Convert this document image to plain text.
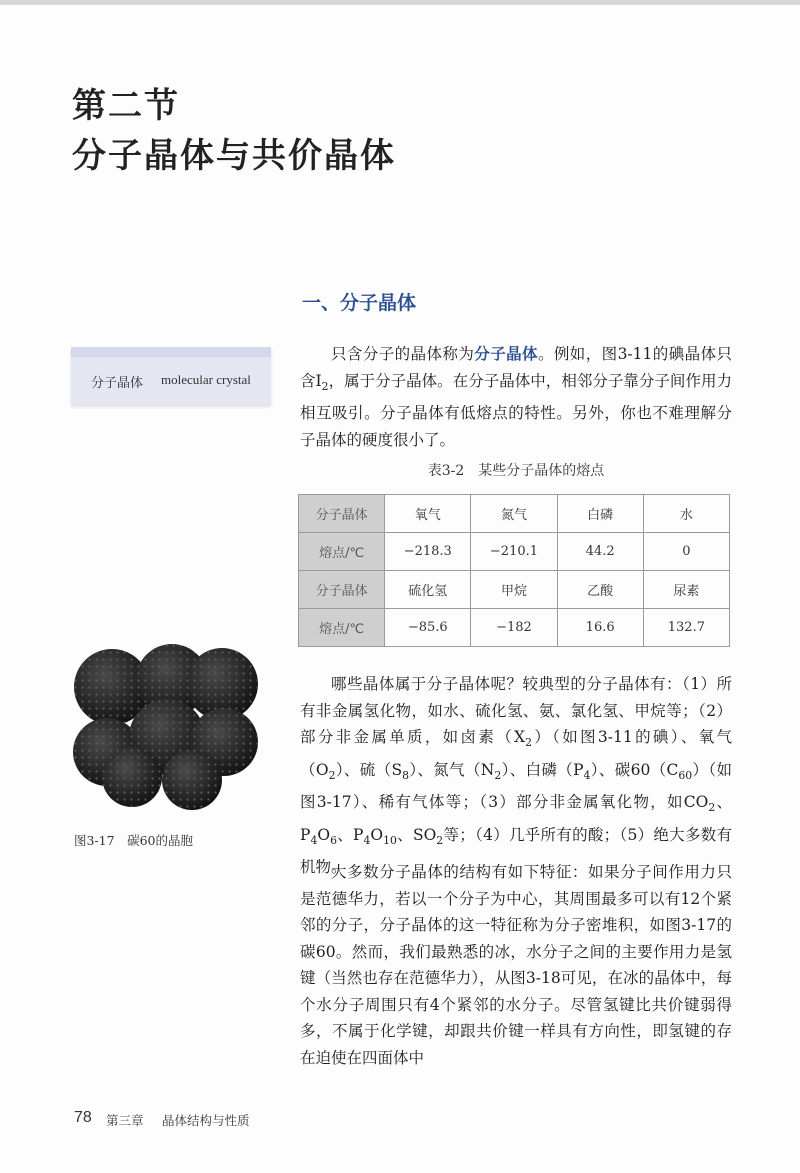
第二节
分子晶体与共价晶体
一、分子晶体
分子晶体 molecular crystal
只含分子的晶体称为分子晶体。例如，图3-11的碘晶体只含$I_2$，属于分子晶体。在分子晶体中，相邻分子靠分子间作用力相互吸引。分子晶体有低熔点的特性。另外，你也不难理解分子晶体的硬度很小了。
表3-2　某些分子晶体的熔点
分子晶体	氧气	氮气	白磷	水
熔点/℃	−218.3	−210.1	44.2	0
分子晶体	硫化氢	甲烷	乙酸	尿素
熔点/℃	−85.6	−182	16.6	132.7
图3-17　碳60的晶胞
哪些晶体属于分子晶体呢？较典型的分子晶体有：（1）所有非金属氢化物，如水、硫化氢、氨、氯化氢、甲烷等；（2）部分非金属单质，如卤素$(X_2)$（如图3-11的碘）、氧气$(O_2)$、硫$(S_8)$、氮气$(N_2)$、白磷$(P_4)$、碳$60(C_{60})$（如图3-17）、稀有气体等；（3）部分非金属氧化物，如$CO_2$、$P_4O_6$、$P_4O_{10}$、$SO_2$等；（4）几乎所有的酸；（5）绝大多数有机物。
大多数分子晶体的结构有如下特征：如果分子间作用力只是范德华力，若以一个分子为中心，其周围最多可以有12个紧邻的分子，分子晶体的这一特征称为分子密堆积，如图3-17的碳60。然而，我们最熟悉的冰，水分子之间的主要作用力是氢键（当然也存在范德华力），从图3-18可见，在冰的晶体中，每个水分子周围只有4个紧邻的水分子。尽管氢键比共价键弱得多，不属于化学键，却跟共价键一样具有方向性，即氢键的存在迫使在四面体中
78 第三章 晶体结构与性质
